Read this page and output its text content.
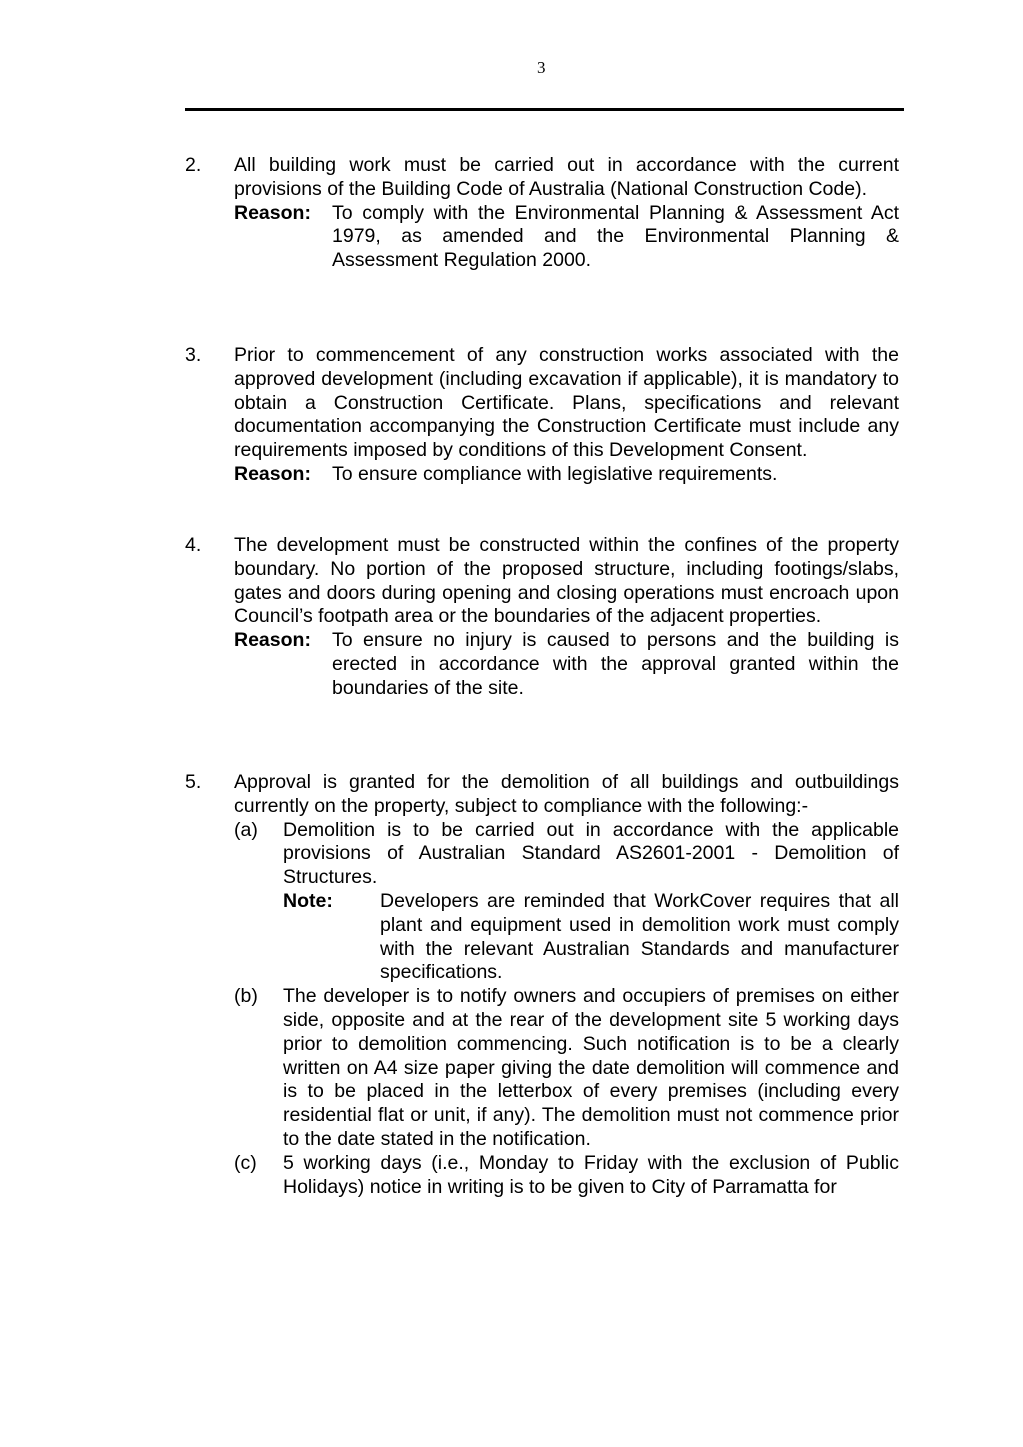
3
2. All building work must be carried out in accordance with the current provisions of the Building Code of Australia (National Construction Code).
Reason:	To comply with the Environmental Planning & Assessment Act 1979, as amended and the Environmental Planning & Assessment Regulation 2000.
3. Prior to commencement of any construction works associated with the approved development (including excavation if applicable), it is mandatory to obtain a Construction Certificate. Plans, specifications and relevant documentation accompanying the Construction Certificate must include any requirements imposed by conditions of this Development Consent.
Reason:	To ensure compliance with legislative requirements.
4. The development must be constructed within the confines of the property boundary. No portion of the proposed structure, including footings/slabs, gates and doors during opening and closing operations must encroach upon Council’s footpath area or the boundaries of the adjacent properties.
Reason:	To ensure no injury is caused to persons and the building is erected in accordance with the approval granted within the boundaries of the site.
5. Approval is granted for the demolition of all buildings and outbuildings currently on the property, subject to compliance with the following:-
(a) Demolition is to be carried out in accordance with the applicable provisions of Australian Standard AS2601-2001 - Demolition of Structures.
Note:	Developers are reminded that WorkCover requires that all plant and equipment used in demolition work must comply with the relevant Australian Standards and manufacturer specifications.
(b) The developer is to notify owners and occupiers of premises on either side, opposite and at the rear of the development site 5 working days prior to demolition commencing. Such notification is to be a clearly written on A4 size paper giving the date demolition will commence and is to be placed in the letterbox of every premises (including every residential flat or unit, if any). The demolition must not commence prior to the date stated in the notification.
(c) 5 working days (i.e., Monday to Friday with the exclusion of Public Holidays) notice in writing is to be given to City of Parramatta for
